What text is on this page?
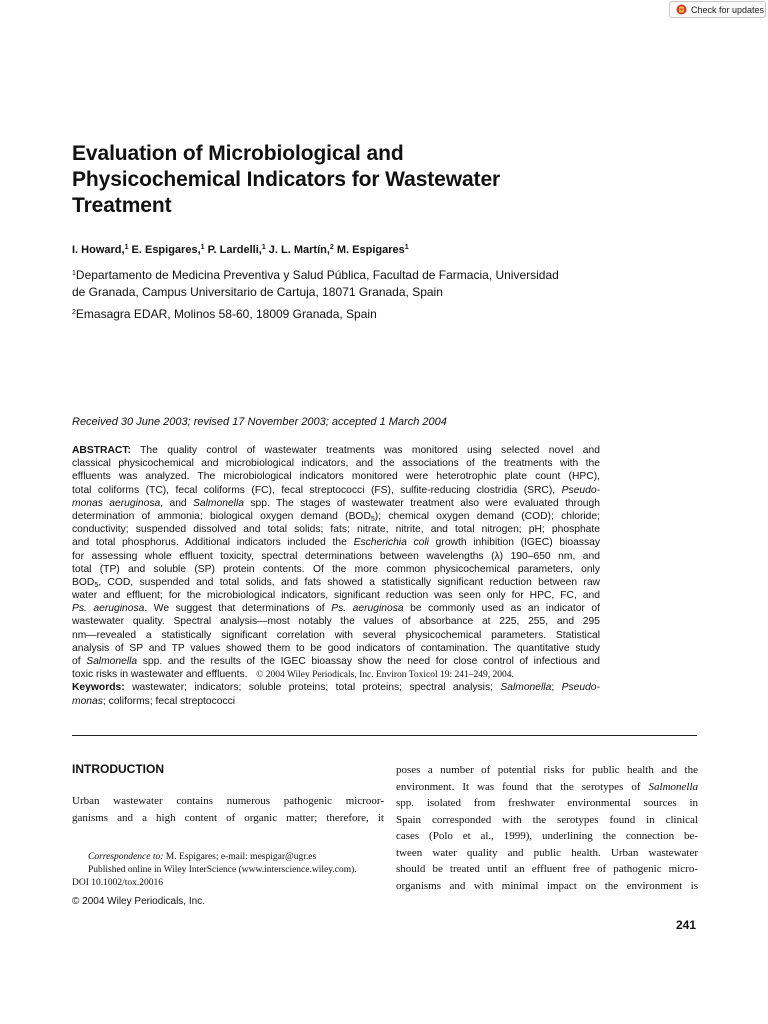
Check for updates
Evaluation of Microbiological and
Physicochemical Indicators for Wastewater
Treatment
I. Howard,$^1$ E. Espigares,$^1$ P. Lardelli,$^1$ J. L. Martín,$^2$ M. Espigares$^1$
$^1$Departamento de Medicina Preventiva y Salud Pública, Facultad de Farmacia, Universidad
de Granada, Campus Universitario de Cartuja, 18071 Granada, Spain
$^2$Emasagra EDAR, Molinos 58-60, 18009 Granada, Spain
Received 30 June 2003; revised 17 November 2003; accepted 1 March 2004
ABSTRACT: The quality control of wastewater treatments was monitored using selected novel and
classical physicochemical and microbiological indicators, and the associations of the treatments with the
effluents was analyzed. The microbiological indicators monitored were heterotrophic plate count (HPC),
total coliforms (TC), fecal coliforms (FC), fecal streptococci (FS), sulfite-reducing clostridia (SRC), Pseudo-
monas aeruginosa, and Salmonella spp. The stages of wastewater treatment also were evaluated through
determination of ammonia; biological oxygen demand $(BOD_5)$; chemical oxygen demand (COD); chloride;
conductivity; suspended dissolved and total solids; fats; nitrate, nitrite, and total nitrogen; pH; phosphate
and total phosphorus. Additional indicators included the Escherichia coli growth inhibition (IGEC) bioassay
for assessing whole effluent toxicity, spectral determinations between wavelengths (λ) 190–650 nm, and
total (TP) and soluble (SP) protein contents. Of the more common physicochemical parameters, only
$BOD_5$, COD, suspended and total solids, and fats showed a statistically significant reduction between raw
water and effluent; for the microbiological indicators, significant reduction was seen only for HPC, FC, and
Ps. aeruginosa. We suggest that determinations of Ps. aeruginosa be commonly used as an indicator of
wastewater quality. Spectral analysis—most notably the values of absorbance at 225, 255, and 295
nm—revealed a statistically significant correlation with several physicochemical parameters. Statistical
analysis of SP and TP values showed them to be good indicators of contamination. The quantitative study
of Salmonella spp. and the results of the IGEC bioassay show the need for close control of infectious and
toxic risks in wastewater and effluents. © 2004 Wiley Periodicals, Inc. Environ Toxicol 19: 241–249, 2004.
Keywords: wastewater; indicators; soluble proteins; total proteins; spectral analysis; Salmonella; Pseudo-
monas; coliforms; fecal streptococci
INTRODUCTION
Urban wastewater contains numerous pathogenic microor-
ganisms and a high content of organic matter; therefore, it
poses a number of potential risks for public health and the
environment. It was found that the serotypes of Salmonella
spp. isolated from freshwater environmental sources in
Spain corresponded with the serotypes found in clinical
cases (Polo et al., 1999), underlining the connection be-
tween water quality and public health. Urban wastewater
should be treated until an effluent free of pathogenic micro-
organisms and with minimal impact on the environment is
Correspondence to: M. Espigares; e-mail: mespigar@ugr.es
Published online in Wiley InterScience (www.interscience.wiley.com).
DOI 10.1002/tox.20016
© 2004 Wiley Periodicals, Inc.
241
